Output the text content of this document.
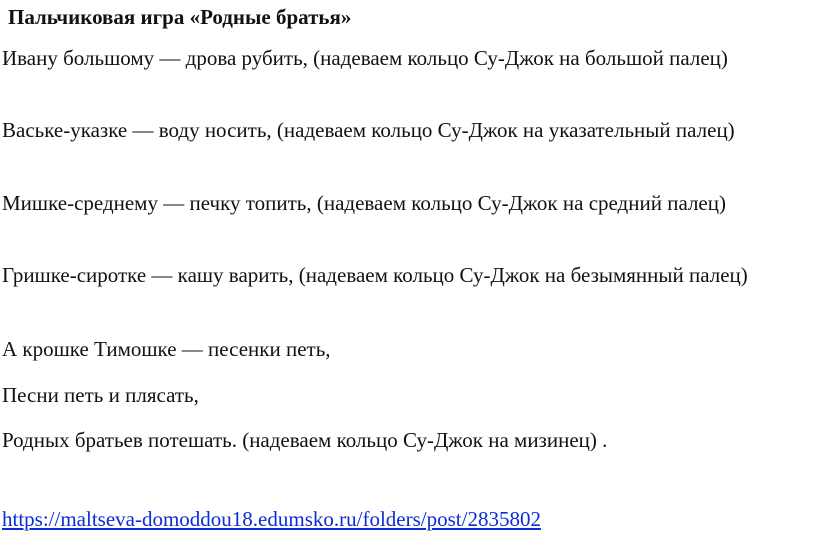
Пальчиковая игра «Родные братья»

Ивану большому — дрова рубить, (надеваем кольцо Су-Джок на большой палец)

Ваське-указке — воду носить, (надеваем кольцо Су-Джок на указательный палец)

Мишке-среднему — печку топить, (надеваем кольцо Су-Джок на средний палец)

Гришке-сиротке — кашу варить, (надеваем кольцо Су-Джок на безымянный палец)

А крошке Тимошке — песенки петь,

Песни петь и плясать,

Родных братьев потешать. (надеваем кольцо Су-Джок на мизинец) .

https://maltseva-domoddou18.edumsko.ru/folders/post/2835802
